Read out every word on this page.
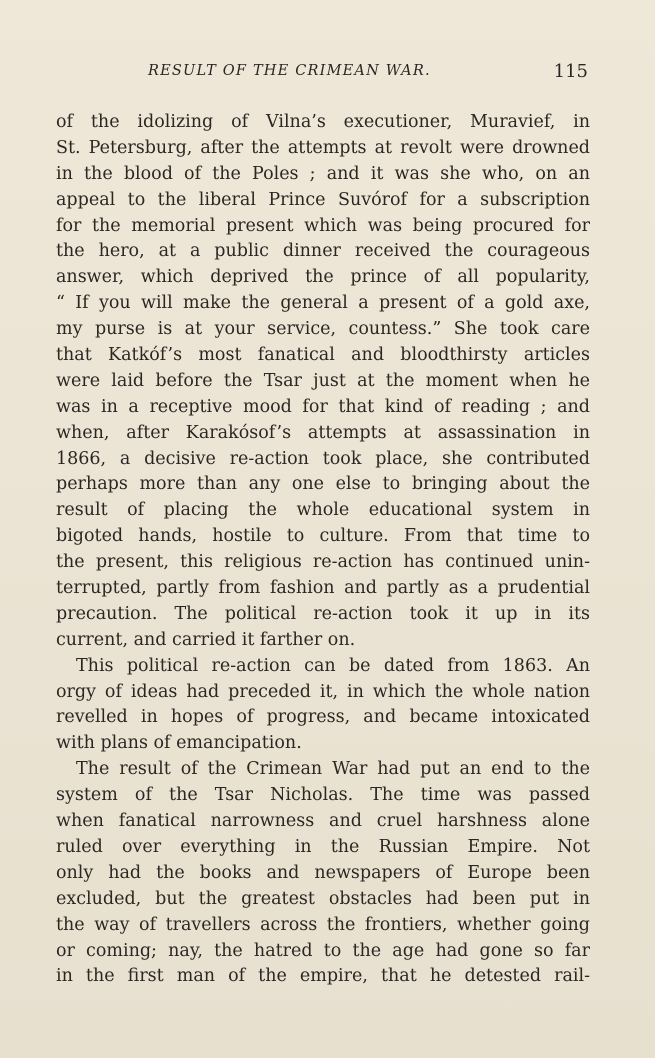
RESULT OF THE CRIMEAN WAR.	115
of the idolizing of Vilna’s executioner, Muravief, in
St. Petersburg, after the attempts at revolt were drowned
in the blood of the Poles ; and it was she who, on an
appeal to the liberal Prince Suvórof for a subscription
for the memorial present which was being procured for
the hero, at a public dinner received the courageous
answer, which deprived the prince of all popularity,
“ If you will make the general a present of a gold axe,
my purse is at your service, countess.” She took care
that Katkóf’s most fanatical and bloodthirsty articles
were laid before the Tsar just at the moment when he
was in a receptive mood for that kind of reading ; and
when, after Karakósof’s attempts at assassination in
1866, a decisive re-action took place, she contributed
perhaps more than any one else to bringing about the
result of placing the whole educational system in
bigoted hands, hostile to culture. From that time to
the present, this religious re-action has continued unin-
terrupted, partly from fashion and partly as a prudential
precaution. The political re-action took it up in its
current, and carried it farther on.
This political re-action can be dated from 1863. An
orgy of ideas had preceded it, in which the whole nation
revelled in hopes of progress, and became intoxicated
with plans of emancipation.
The result of the Crimean War had put an end to the
system of the Tsar Nicholas. The time was passed
when fanatical narrowness and cruel harshness alone
ruled over everything in the Russian Empire. Not
only had the books and newspapers of Europe been
excluded, but the greatest obstacles had been put in
the way of travellers across the frontiers, whether going
or coming; nay, the hatred to the age had gone so far
in the first man of the empire, that he detested rail-
